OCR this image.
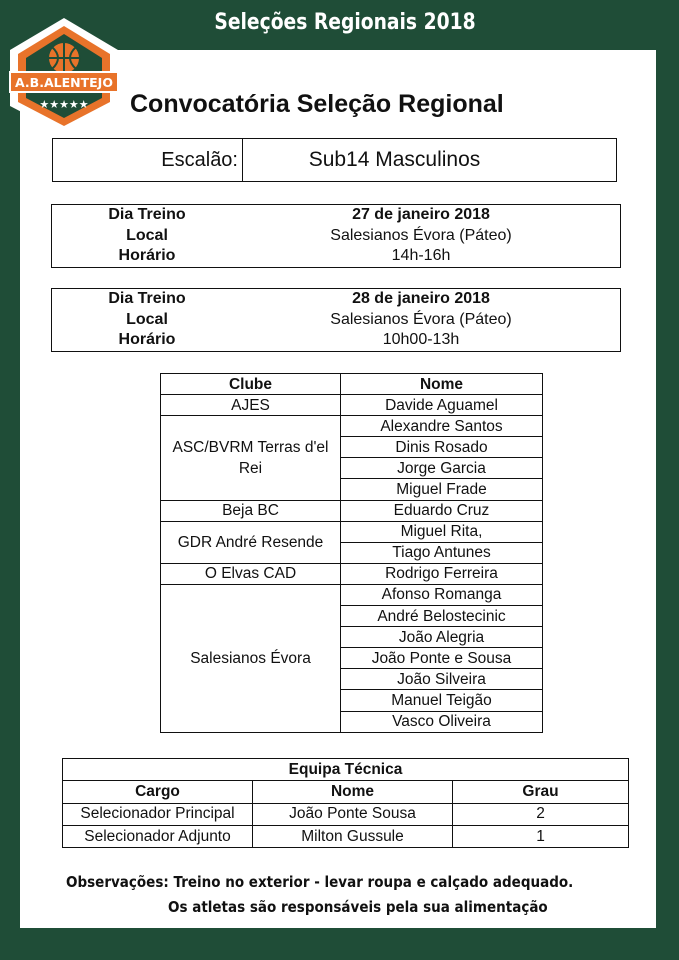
Seleções Regionais 2018
A.B.ALENTEJO
★★★★★ Convocatória Seleção Regional
Escalão:	Sub14 Masculinos
Dia Treino	27 de janeiro 2018
Local	Salesianos Évora (Páteo)
Horário	14h-16h
Dia Treino	28 de janeiro 2018
Local	Salesianos Évora (Páteo)
Horário	10h00-13h
Clube	Nome
AJES	Davide Aguamel
ASC/BVRM Terras d'el Rei	Alexandre Santos
	Dinis Rosado
	Jorge Garcia
	Miguel Frade
Beja BC	Eduardo Cruz
GDR André Resende	Miguel Rita,
	Tiago Antunes
O Elvas CAD	Rodrigo Ferreira
Salesianos Évora	Afonso Romanga
	André Belostecinic
	João Alegria
	João Ponte e Sousa
	João Silveira
	Manuel Teigão
	Vasco Oliveira
Equipa Técnica		
Cargo	Nome	Grau
Selecionador Principal	João Ponte Sousa	2
Selecionador Adjunto	Milton Gussule	1
Observações: Treino no exterior - levar roupa e calçado adequado.
Os atletas são responsáveis pela sua alimentação
